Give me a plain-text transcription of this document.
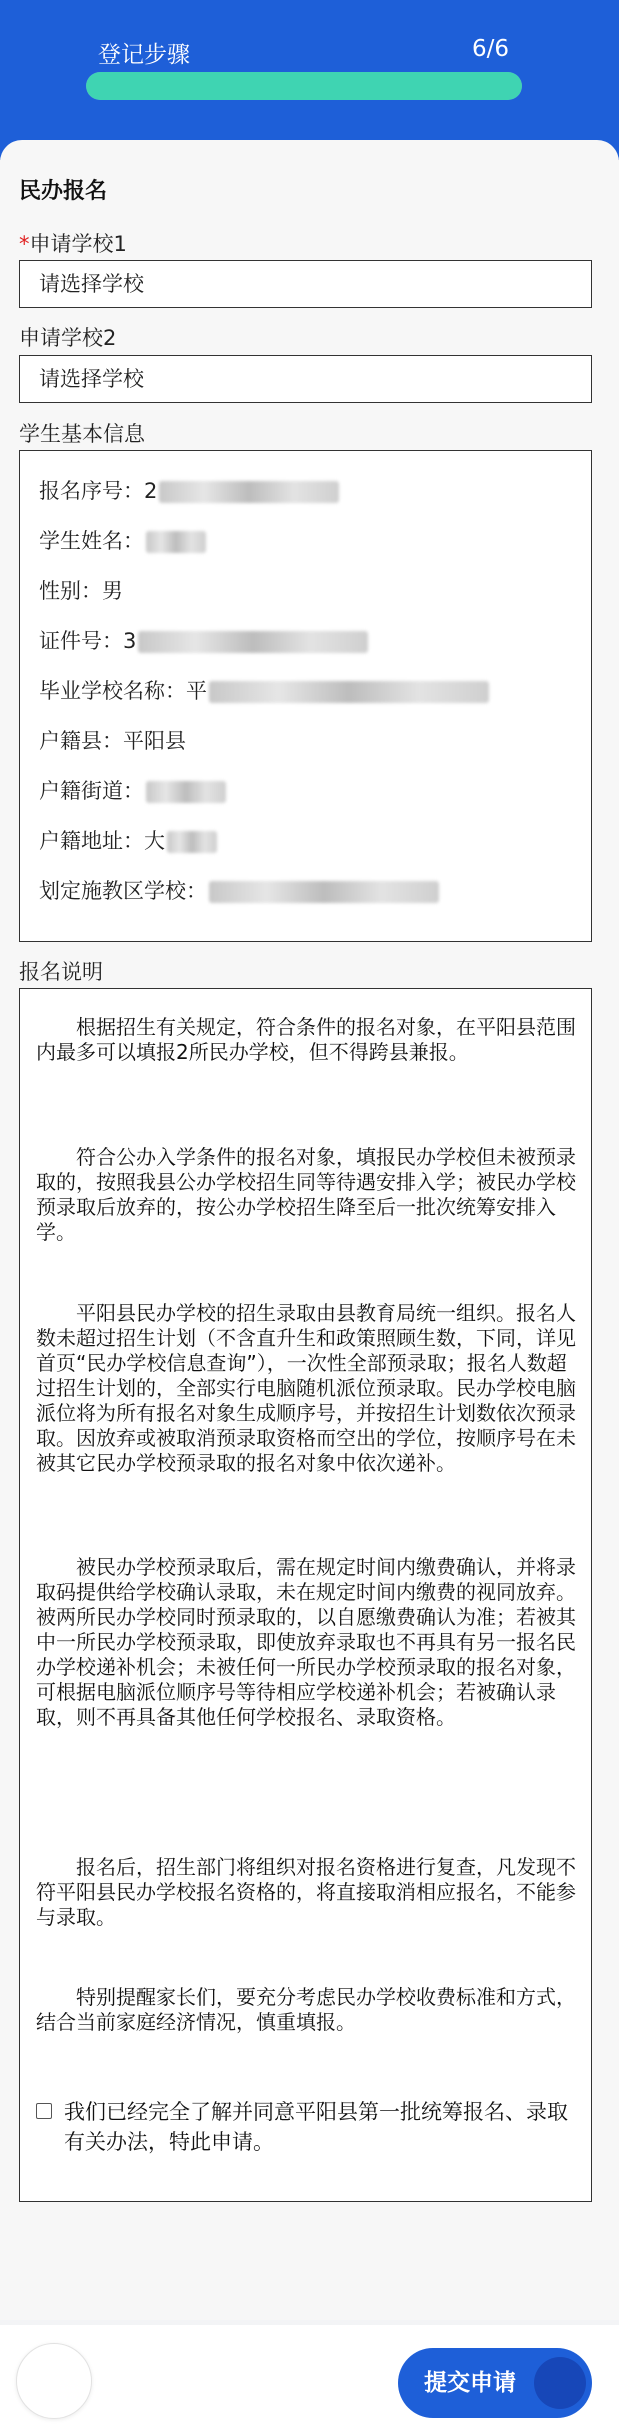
登记步骤	6/6
民办报名
*申请学校1
请选择学校
申请学校2
请选择学校
学生基本信息
报名序号：2
学生姓名：
性别：男
证件号：3
毕业学校名称：平
户籍县：平阳县
户籍街道：
户籍地址：大
划定施教区学校：
报名说明
根据招生有关规定，符合条件的报名对象，在平阳县范围内最多可以填报2所民办学校，但不得跨县兼报。
符合公办入学条件的报名对象，填报民办学校但未被预录取的，按照我县公办学校招生同等待遇安排入学；被民办学校预录取后放弃的，按公办学校招生降至后一批次统筹安排入学。
平阳县民办学校的招生录取由县教育局统一组织。报名人数未超过招生计划（不含直升生和政策照顾生数，下同，详见首页“民办学校信息查询”），一次性全部预录取；报名人数超过招生计划的，全部实行电脑随机派位预录取。民办学校电脑派位将为所有报名对象生成顺序号，并按招生计划数依次预录取。因放弃或被取消预录取资格而空出的学位，按顺序号在未被其它民办学校预录取的报名对象中依次递补。
被民办学校预录取后，需在规定时间内缴费确认，并将录取码提供给学校确认录取，未在规定时间内缴费的视同放弃。被两所民办学校同时预录取的，以自愿缴费确认为准；若被其中一所民办学校预录取，即使放弃录取也不再具有另一报名民办学校递补机会；未被任何一所民办学校预录取的报名对象，可根据电脑派位顺序号等待相应学校递补机会；若被确认录取，则不再具备其他任何学校报名、录取资格。
报名后，招生部门将组织对报名资格进行复查，凡发现不符平阳县民办学校报名资格的，将直接取消相应报名，不能参与录取。
特别提醒家长们，要充分考虑民办学校收费标准和方式，结合当前家庭经济情况，慎重填报。
我们已经完全了解并同意平阳县第一批统筹报名、录取有关办法，特此申请。
提交申请
